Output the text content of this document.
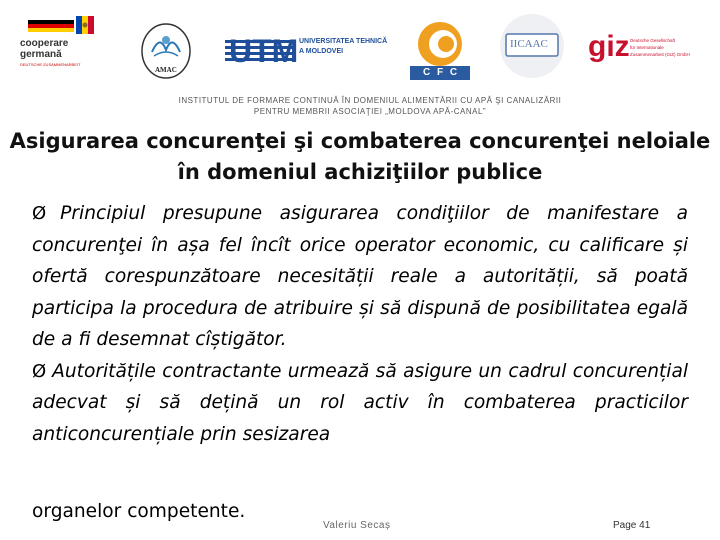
cooperare
germană
DEUTSCHE ZUSAMMENARBEIT
AMAC
UTM UNIVERSITATEA TEHNICĂ
A MOLDOVEI
C F C
IICAAC giz Deutsche Gesellschaft
für Internationale
Zusammenarbeit (GIZ) GmbH
INSTITUTUL DE FORMARE CONTINUĂ ÎN DOMENIUL ALIMENTĂRII CU APĂ ŞI CANALIZĂRII
PENTRU MEMBRII ASOCIAŢIEI „MOLDOVA APĂ-CANAL”
Asigurarea concurenţei şi combaterea concurenţei neloiale
în domeniul achiziţiilor publice

Ø Principiul presupune asigurarea condiţiilor de manifestare a concurenţei în așa fel încît orice operator economic, cu calificare și ofertă corespunzătoare necesității reale a autorității, să poată participa la procedura de atribuire și să dispună de posibilitatea egală de a fi desemnat cîștigător.

Ø Autoritățile contractante urmează să asigure un cadrul concurențial adecvat și să dețină un rol activ în combaterea practicilor anticoncurențiale prin sesizarea

organelor competente.
Valeriu Secaș	Page 41
